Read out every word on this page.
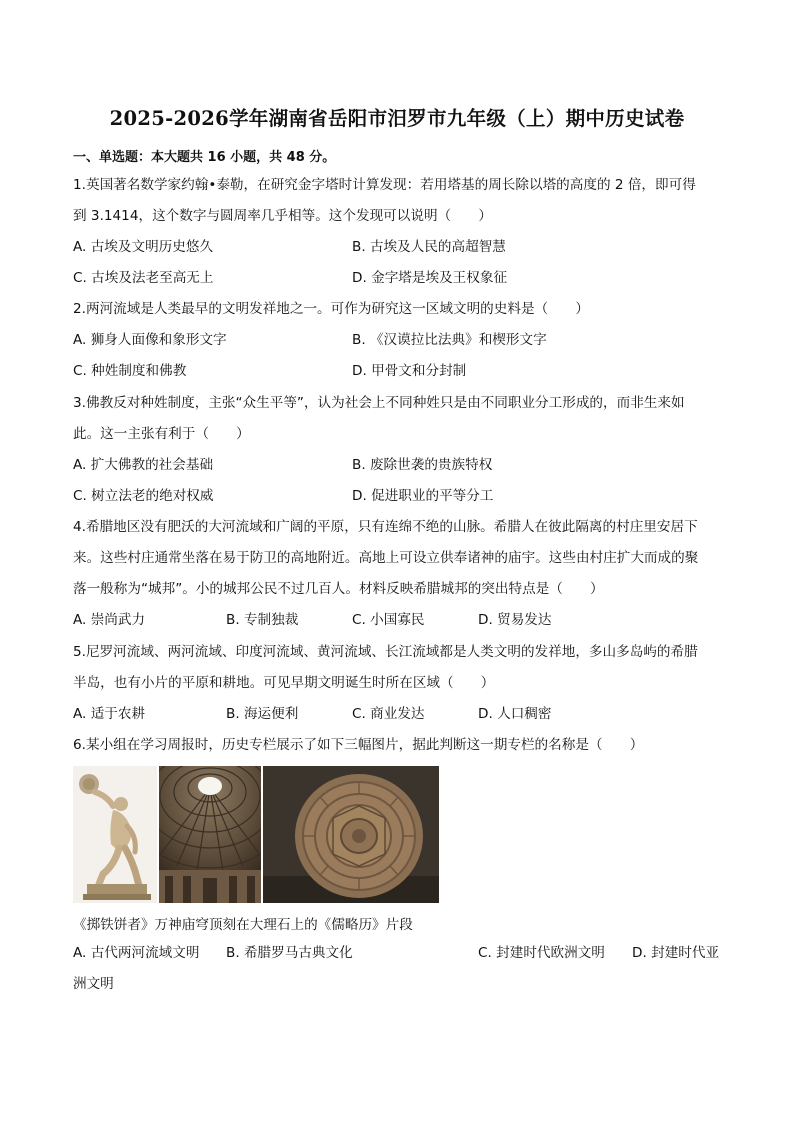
2025-2026学年湖南省岳阳市汨罗市九年级（上）期中历史试卷
一、单选题：本大题共 16 小题，共 48 分。
1.英国著名数学家约翰•泰勒，在研究金字塔时计算发现：若用塔基的周长除以塔的高度的 2 倍，即可得
到 3.1414，这个数字与圆周率几乎相等。这个发现可以说明（　　）
A. 古埃及文明历史悠久	B. 古埃及人民的高超智慧
C. 古埃及法老至高无上	D. 金字塔是埃及王权象征
2.两河流域是人类最早的文明发祥地之一。可作为研究这一区域文明的史料是（　　）
A. 狮身人面像和象形文字	B. 《汉谟拉比法典》和楔形文字
C. 种姓制度和佛教	D. 甲骨文和分封制
3.佛教反对种姓制度，主张“众生平等”，认为社会上不同种姓只是由不同职业分工形成的，而非生来如
此。这一主张有利于（　　）
A. 扩大佛教的社会基础	B. 废除世袭的贵族特权
C. 树立法老的绝对权威	D. 促进职业的平等分工
4.希腊地区没有肥沃的大河流域和广阔的平原，只有连绵不绝的山脉。希腊人在彼此隔离的村庄里安居下
来。这些村庄通常坐落在易于防卫的高地附近。高地上可设立供奉诸神的庙宇。这些由村庄扩大而成的聚
落一般称为“城邦”。小的城邦公民不过几百人。材料反映希腊城邦的突出特点是（　　）
A. 崇尚武力	B. 专制独裁	C. 小国寡民	D. 贸易发达
5.尼罗河流域、两河流域、印度河流域、黄河流域、长江流域都是人类文明的发祥地，多山多岛屿的希腊
半岛，也有小片的平原和耕地。可见早期文明诞生时所在区域（　　）
A. 适于农耕	B. 海运便利	C. 商业发达	D. 人口稠密
6.某小组在学习周报时，历史专栏展示了如下三幅图片，据此判断这一期专栏的名称是（　　）
《掷铁饼者》万神庙穹顶刻在大理石上的《儒略历》片段
A. 古代两河流域文明 B. 希腊罗马古典文化	C. 封建时代欧洲文明 D. 封建时代亚
洲文明
